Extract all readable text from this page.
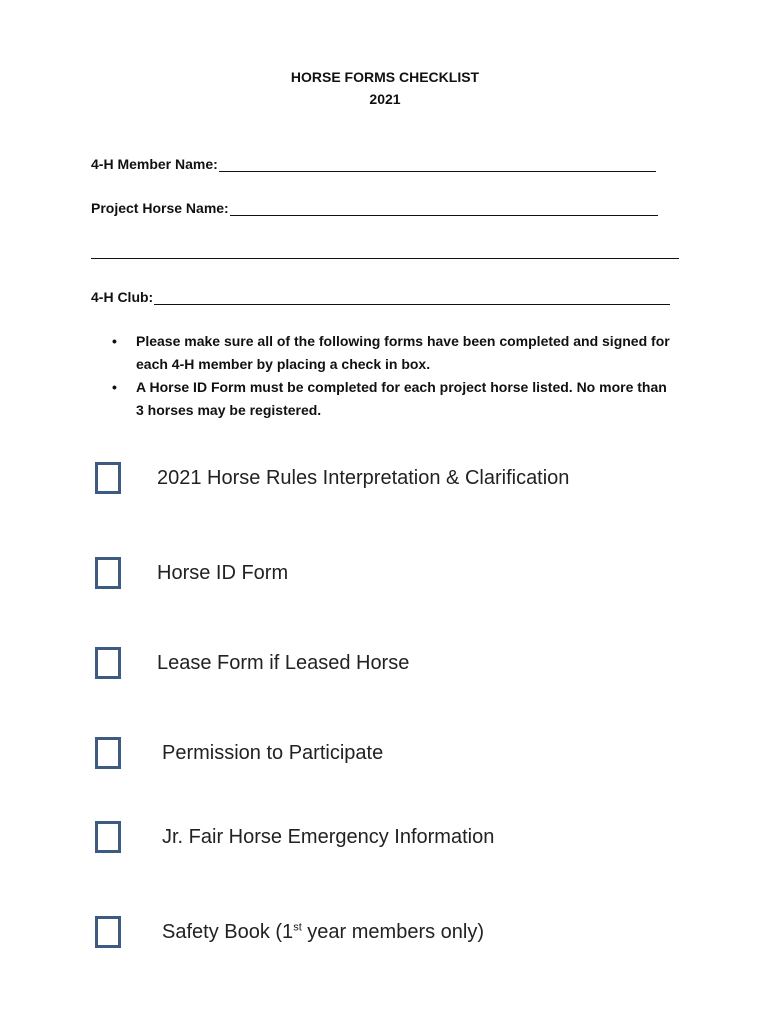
HORSE FORMS CHECKLIST
2021
4-H Member Name:
Project Horse Name:
4-H Club:
• Please make sure all of the following forms have been completed and signed for each 4-H member by placing a check in box.
• A Horse ID Form must be completed for each project horse listed. No more than 3 horses may be registered.
2021 Horse Rules Interpretation & Clarification
Horse ID Form
Lease Form if Leased Horse
Permission to Participate
Jr. Fair Horse Emergency Information
Safety Book (1st year members only)
